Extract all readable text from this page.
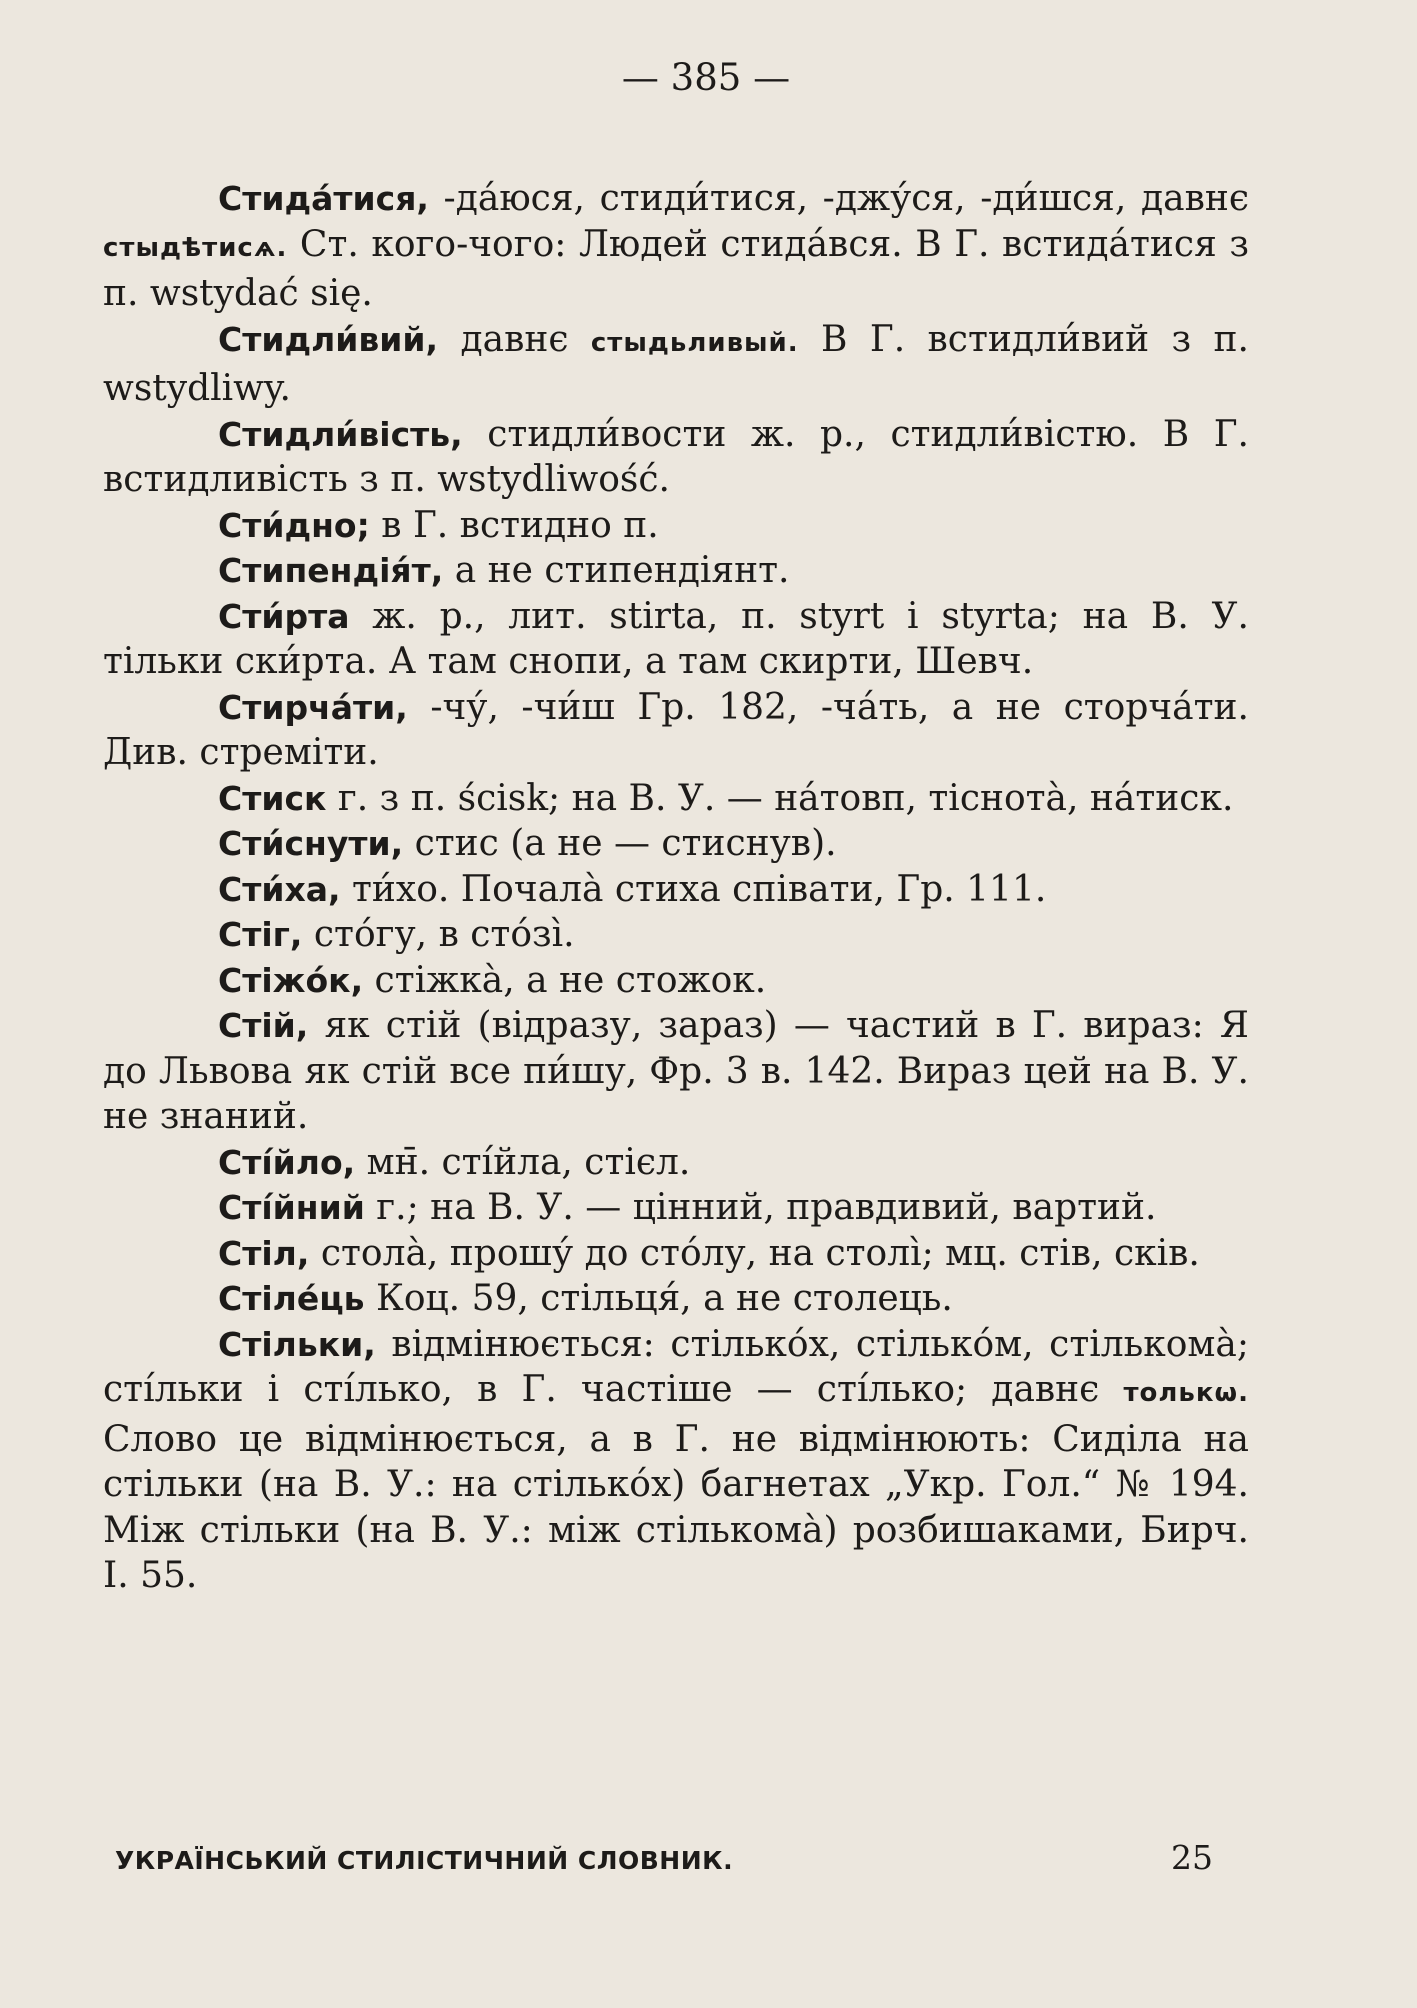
— 385 —

Стида́тися, -да́юся, стиди́тися, -джу́ся, -ди́шся, давнє стыдѣтисѧ. Ст. кого-чого: Людей стида́вся. В Г. встида́тися з п. wstydać się.

Стидли́вий, давнє стыдьливый. В Г. встидли́вий з п. wstydliwy.

Стидли́вість, стидли́вости ж. р., стидли́вістю. В Г. встидливість з п. wstydliwość.

Сти́дно; в Г. встидно п.

Стипендія́т, а не стипендіянт.

Сти́рта ж. р., лит. stirta, п. styrt і styrta; на В. У. тільки ски́рта. А там снопи, а там скирти, Шевч.

Стирча́ти, -чу́, -чи́ш Гр. 182, -ча́ть, а не сторча́ти. Див. стреміти.

Стиск г. з п. ścisk; на В. У. — на́товп, тіснота̀, на́тиск.

Сти́снути, стис (а не — стиснув).

Сти́ха, ти́хо. Почала̀ стиха співати, Гр. 111.

Стіг, сто́гу, в сто́зі̀.

Стіжо́к, стіжка̀, а не стожок.

Стій, як стій (відразу, зараз) — частий в Г. вираз: Я до Львова як стій все пи́шу, Фр. 3 в. 142. Вираз цей на В. У. не знаний.

Сті́йло, мн̄. сті́йла, стієл.

Сті́йний г.; на В. У. — цінний, правдивий, вартий.

Стіл, стола̀, прошу́ до сто́лу, на столі̀; мц. стів, сків.

Стіле́ць Коц. 59, стільця́, а не столець.

Стільки, відмінюється: стілько́х, стілько́м, стількома̀; сті́льки і сті́лько, в Г. частіше — сті́лько; давнє толькѡ. Слово це відмінюється, а в Г. не відмінюють: Сиділа на стільки (на В. У.: на стілько́х) багнетах „Укр. Гол.“ № 194. Між стільки (на В. У.: між стількома̀) розбишаками, Бирч. І. 55.

УКРАЇНСЬКИЙ СТИЛІСТИЧНИЙ СЛОВНИК.	25
